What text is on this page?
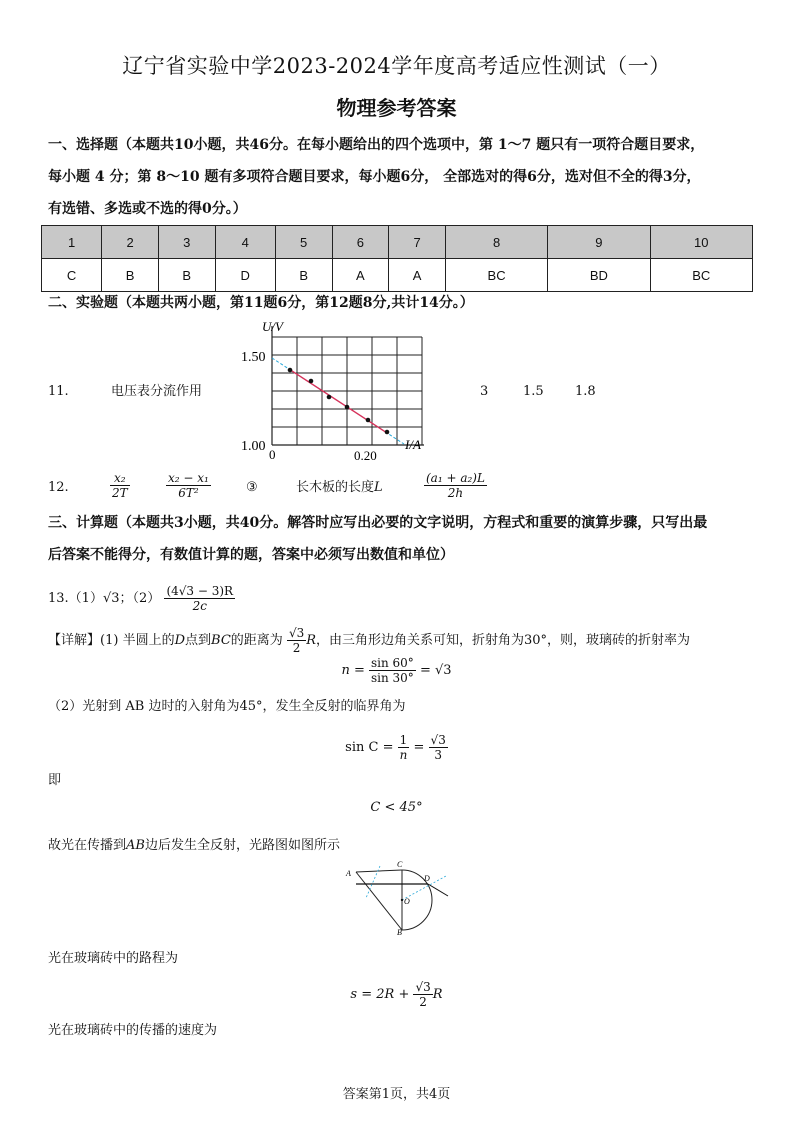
辽宁省实验中学2023-2024学年度高考适应性测试（一）
物理参考答案
一、选择题（本题共10小题，共46分。在每小题给出的四个选项中，第 1～7 题只有一项符合题目要求，
每小题 4 分；第 8～10 题有多项符合题目要求，每小题6分， 全部选对的得6分，选对但不全的得3分，
有选错、多选或不选的得0分。）
1	2	3	4	5	6	7	8	9	10
C	B	B	D	B	A	A	BC	BD	BC
二、实验题（本题共两小题，第11题6分，第12题8分,共计14分。）
11.	电压表分流作用
U/V
1.50
1.00
0	0.20
I/A
3	1.5 1.8
12.	$\frac{\text{x₂}}{2T}$	$\frac{\text{x₂ − x₁}}{\text{6T²}}$	③	长木板的长度L	$\frac{\text{(a₁ + a₂)L}}{2h}$
三、计算题（本题共3小题，共40分。解答时应写出必要的文字说明，方程式和重要的演算步骤，只写出最
后答案不能得分，有数值计算的题，答案中必须写出数值和单位）
13.（1）√3；$(2) \frac{(4√3 - 3)R}{2c}$
【详解】(1) 半圆上的D点到BC的距离为 $\frac{√3}{2}$ R，由三角形边角关系可知，折射角为30°，则，玻璃砖的折射率为
$n = \frac{\sin 60^\circ}{\sin 30^\circ} = √3$
（2）光射到 AB 边时的入射角为45°，发生全反射的临界角为
$\sin C = \frac{1}{n} = \frac{√3}{3}$
即
C < 45°
故光在传播到AB边后发生全反射，光路图如图所示
A
C
D
O
B
光在玻璃砖中的路程为
$s = 2R + \frac{√3}{2}$ R
光在玻璃砖中的传播的速度为
答案第1页，共4页
